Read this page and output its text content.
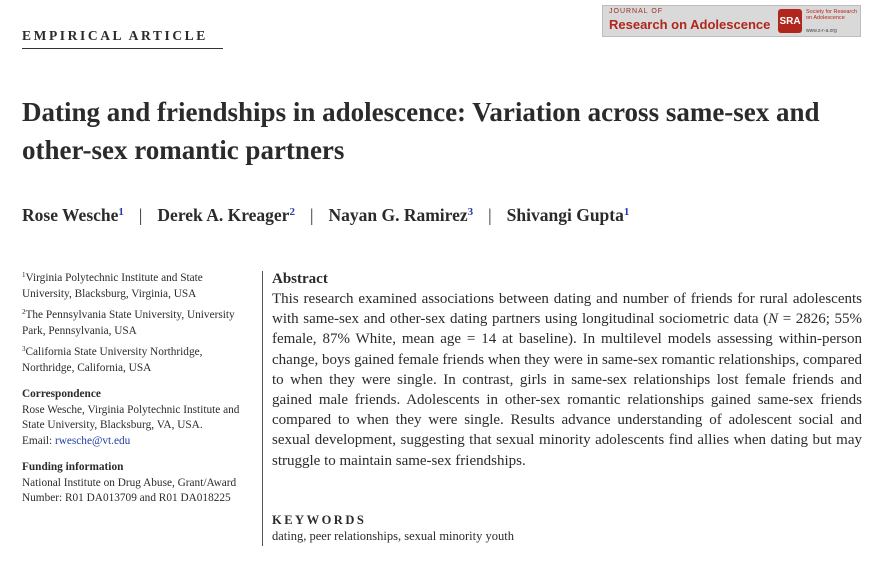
EMPIRICAL ARTICLE
JOURNAL OF
Research on Adolescence SRA
Society for Research on Adolescence
www.s-r-a.org
Dating and friendships in adolescence: Variation across same-sex and other-sex romantic partners
Rose Wesche$^1$ | Derek A. Kreager$^2$ | Nayan G. Ramirez$^3$ | Shivangi Gupta$^1$
$^1$Virginia Polytechnic Institute and State University, Blacksburg, Virginia, USA
$^2$The Pennsylvania State University, University Park, Pennsylvania, USA
$^3$California State University Northridge, Northridge, California, USA
Correspondence
Rose Wesche, Virginia Polytechnic Institute and State University, Blacksburg, VA, USA.
Email: rwesche@vt.edu
Funding information
National Institute on Drug Abuse, Grant/Award Number: R01 DA013709 and R01 DA018225
Abstract

This research examined associations between dating and number of friends for rural adolescents with same-sex and other-sex dating partners using longitudinal sociometric data (N = 2826; 55% female, 87% White, mean age = 14 at baseline). In multilevel models assessing within-person change, boys gained female friends when they were in same-sex romantic relationships, compared to when they were single. In contrast, girls in same-sex relationships lost female friends and gained male friends. Adolescents in other-sex romantic relationships gained same-sex friends compared to when they were single. Results advance understanding of adolescent social and sexual development, suggesting that sexual minority adolescents find allies when dating but may struggle to maintain same-sex friendships.

KEYWORDS
dating, peer relationships, sexual minority youth
